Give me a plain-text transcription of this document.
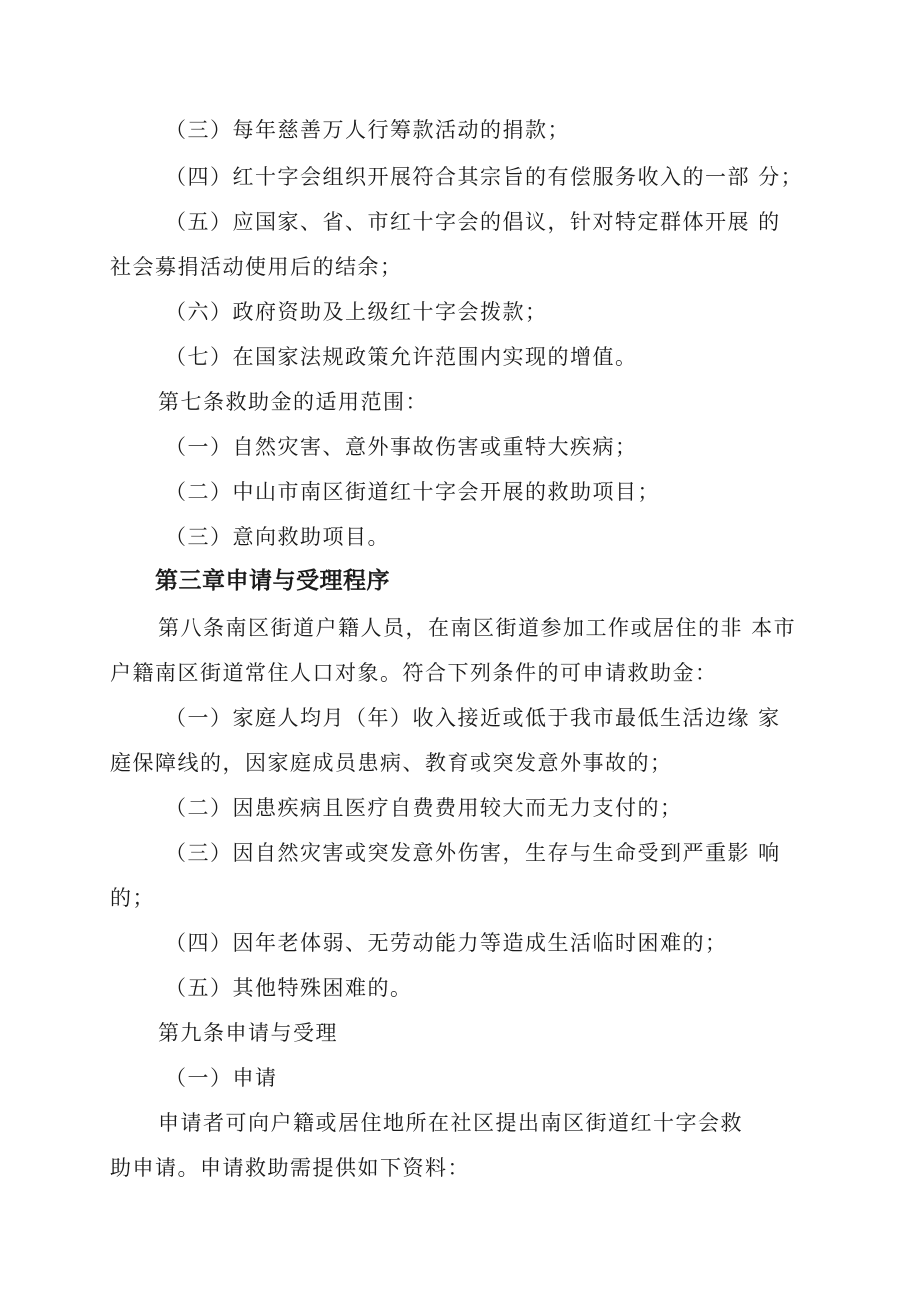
（三）每年慈善万人行筹款活动的捐款；
（四）红十字会组织开展符合其宗旨的有偿服务收入的一部 分；
（五）应国家、省、市红十字会的倡议，针对特定群体开展 的
社会募捐活动使用后的结余；
（六）政府资助及上级红十字会拨款；
（七）在国家法规政策允许范围内实现的增值。
第七条救助金的适用范围：
（一）自然灾害、意外事故伤害或重特大疾病；
（二）中山市南区街道红十字会开展的救助项目；
（三）意向救助项目。
第三章申请与受理程序
第八条南区街道户籍人员，在南区街道参加工作或居住的非 本市
户籍南区街道常住人口对象。符合下列条件的可申请救助金：
（一）家庭人均月（年）收入接近或低于我市最低生活边缘 家
庭保障线的，因家庭成员患病、教育或突发意外事故的；
（二）因患疾病且医疗自费费用较大而无力支付的；
（三）因自然灾害或突发意外伤害，生存与生命受到严重影 响
的；
（四）因年老体弱、无劳动能力等造成生活临时困难的；
（五）其他特殊困难的。
第九条申请与受理
（一）申请
申请者可向户籍或居住地所在社区提出南区街道红十字会救
助申请。申请救助需提供如下资料：
